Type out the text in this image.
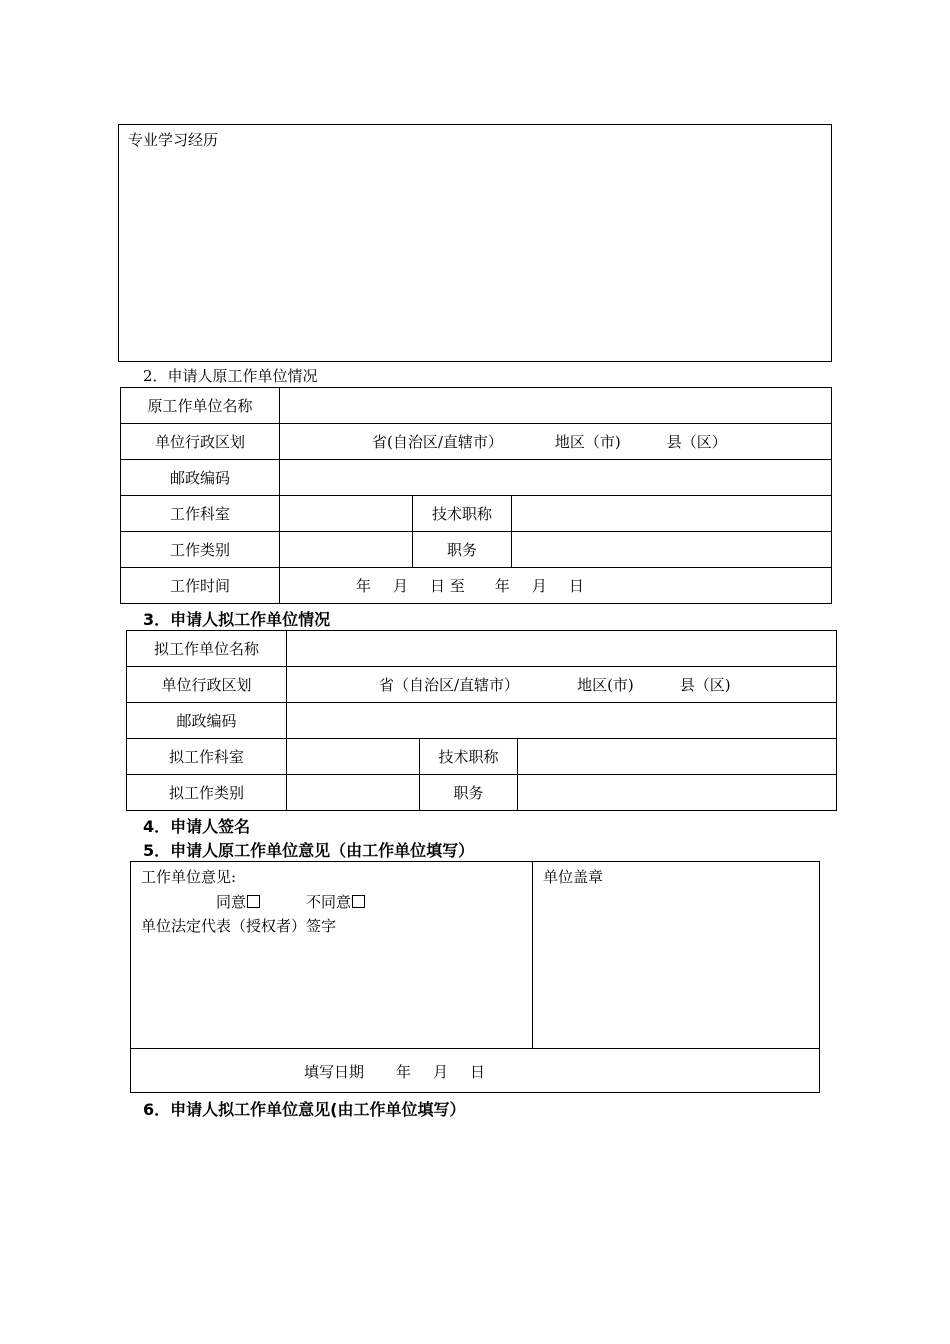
专业学习经历
2．申请人原工作单位情况
原工作单位名称			
单位行政区划	省(自治区/直辖市） 地区（市) 县（区）		
邮政编码			
工作科室		技术职称	
工作类别		职务	
工作时间	年 月 日 至 年 月 日		
3．申请人拟工作单位情况
拟工作单位名称			
单位行政区划	省（自治区/直辖市） 地区(市) 县（区)		
邮政编码			
拟工作科室		技术职称	
拟工作类别		职务	
4．申请人签名
5．申请人原工作单位意见（由工作单位填写）
工作单位意见:
同意	不同意
单位法定代表（授权者）签字
单位盖章
填写日期 年 月 日
6．申请人拟工作单位意见(由工作单位填写）
